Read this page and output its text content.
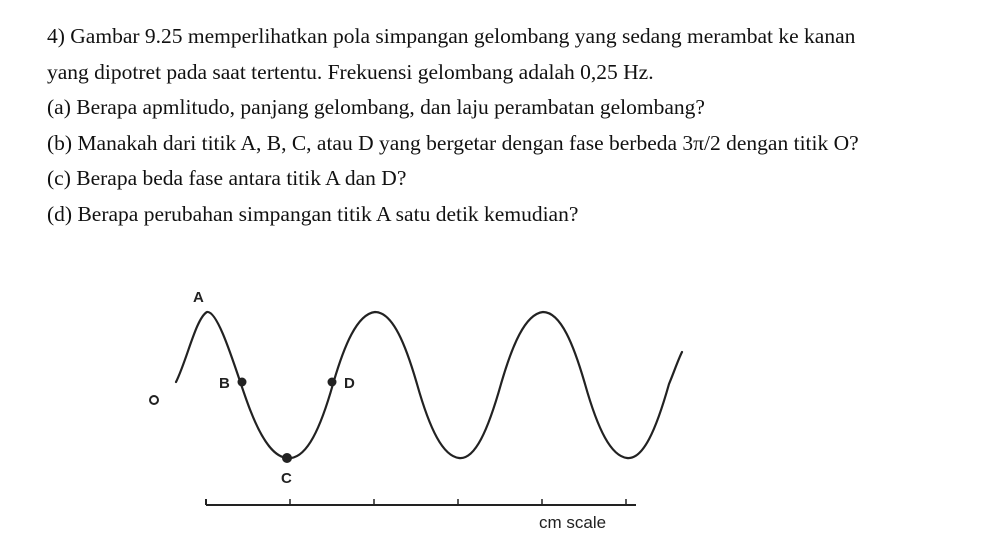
4) Gambar 9.25 memperlihatkan pola simpangan gelombang yang sedang merambat ke kanan
yang dipotret pada saat tertentu. Frekuensi gelombang adalah 0,25 Hz.
(a) Berapa apmlitudo, panjang gelombang, dan laju perambatan gelombang?
(b) Manakah dari titik A, B, C, atau D yang bergetar dengan fase berbeda 3π/2 dengan titik O?
(c) Berapa beda fase antara titik A dan D?
(d) Berapa perubahan simpangan titik A satu detik kemudian?
A
B
C
D
cm scale
